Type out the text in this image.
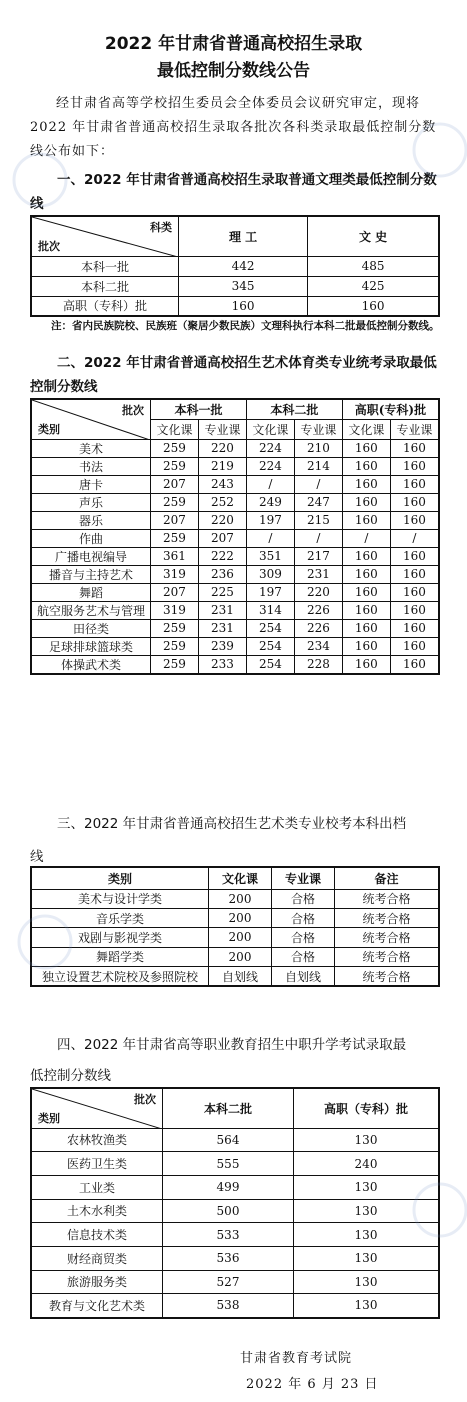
2022 年甘肃省普通高校招生录取
最低控制分数线公告
经甘肃省高等学校招生委员会全体委员会议研究审定，现将 2022 年甘肃省普通高校招生录取各批次各科类录取最低控制分数线公布如下：
一、2022 年甘肃省普通高校招生录取普通文理类最低控制分数线
科类
批次	理 工	文 史
本科一批	442	485
本科二批	345	425
高职（专科）批	160	160
注：省内民族院校、民族班（聚居少数民族）文理科执行本科二批最低控制分数线。
二、2022 年甘肃省普通高校招生艺术体育类专业统考录取最低控制分数线
批次
类别	本科一批		本科二批		高职(专科)批	
	文化课	专业课	文化课	专业课	文化课	专业课
美术	259	220	224	210	160	160
书法	259	219	224	214	160	160
唐卡	207	243	/	/	160	160
声乐	259	252	249	247	160	160
器乐	207	220	197	215	160	160
作曲	259	207	/	/	/	/
广播电视编导	361	222	351	217	160	160
播音与主持艺术	319	236	309	231	160	160
舞蹈	207	225	197	220	160	160
航空服务艺术与管理	319	231	314	226	160	160
田径类	259	231	254	226	160	160
足球排球篮球类	259	239	254	234	160	160
体操武术类	259	233	254	228	160	160
三、2022 年甘肃省普通高校招生艺术类专业校考本科出档
线
类别	文化课	专业课	备注
美术与设计学类	200	合格	统考合格
音乐学类	200	合格	统考合格
戏剧与影视学类	200	合格	统考合格
舞蹈学类	200	合格	统考合格
独立设置艺术院校及参照院校	自划线	自划线	统考合格
四、2022 年甘肃省高等职业教育招生中职升学考试录取最
低控制分数线
批次
类别	本科二批	高职（专科）批
农林牧渔类	564	130
医药卫生类	555	240
工业类	499	130
土木水利类	500	130
信息技术类	533	130
财经商贸类	536	130
旅游服务类	527	130
教育与文化艺术类	538	130
甘肃省教育考试院
2022 年 6 月 23 日
